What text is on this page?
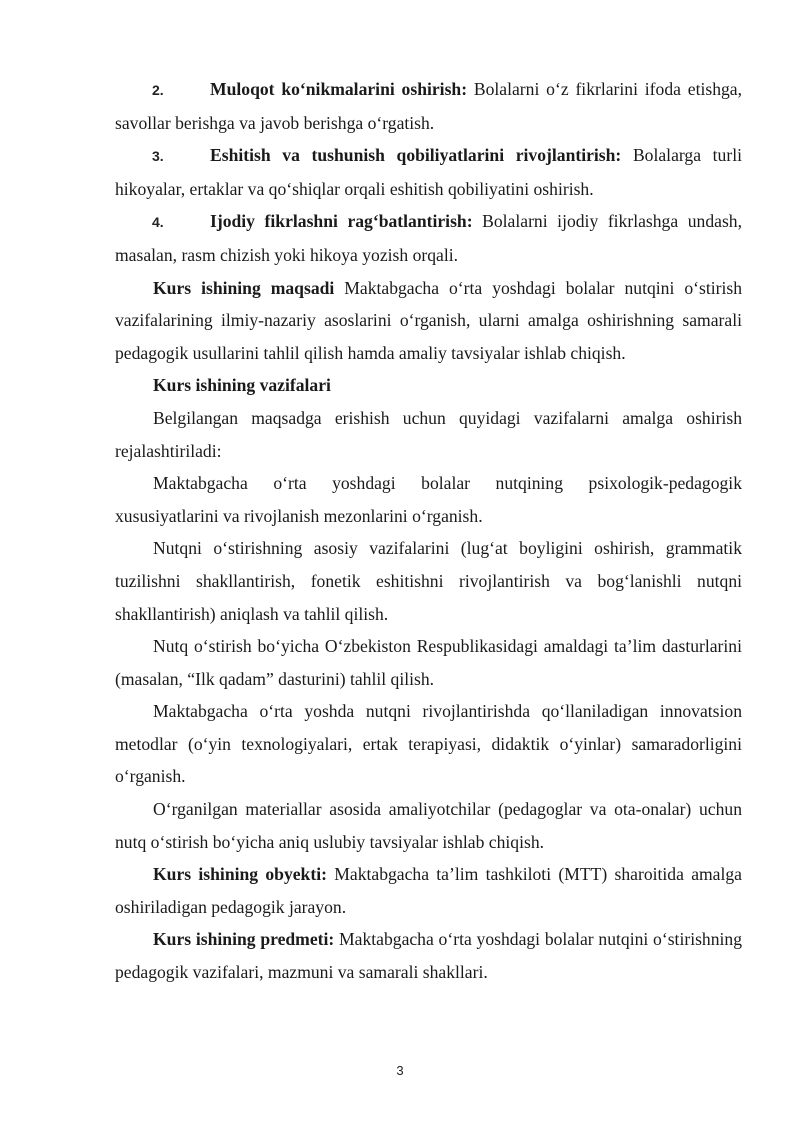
2.	Muloqot ko‘nikmalarini oshirish: Bolalarni o‘z fikrlarini ifoda etishga, savollar berishga va javob berishga o‘rgatish.

3.	Eshitish va tushunish qobiliyatlarini rivojlantirish: Bolalarga turli hikoyalar, ertaklar va qo‘shiqlar orqali eshitish qobiliyatini oshirish.

4.	Ijodiy fikrlashni rag‘batlantirish: Bolalarni ijodiy fikrlashga undash, masalan, rasm chizish yoki hikoya yozish orqali.

Kurs ishining maqsadi Maktabgacha o‘rta yoshdagi bolalar nutqini o‘stirish vazifalarining ilmiy-nazariy asoslarini o‘rganish, ularni amalga oshirishning samarali pedagogik usullarini tahlil qilish hamda amaliy tavsiyalar ishlab chiqish.

Kurs ishining vazifalari

Belgilangan maqsadga erishish uchun quyidagi vazifalarni amalga oshirish rejalashtiriladi:

Maktabgacha o‘rta yoshdagi bolalar nutqining psixologik-pedagogik xususiyatlarini va rivojlanish mezonlarini o‘rganish.

Nutqni o‘stirishning asosiy vazifalarini (lug‘at boyligini oshirish, grammatik tuzilishni shakllantirish, fonetik eshitishni rivojlantirish va bog‘lanishli nutqni shakllantirish) aniqlash va tahlil qilish.

Nutq o‘stirish bo‘yicha O‘zbekiston Respublikasidagi amaldagi ta’lim dasturlarini (masalan, “Ilk qadam” dasturini) tahlil qilish.

Maktabgacha o‘rta yoshda nutqni rivojlantirishda qo‘llaniladigan innovatsion metodlar (o‘yin texnologiyalari, ertak terapiyasi, didaktik o‘yinlar) samaradorligini o‘rganish.

O‘rganilgan materiallar asosida amaliyotchilar (pedagoglar va ota-onalar) uchun nutq o‘stirish bo‘yicha aniq uslubiy tavsiyalar ishlab chiqish.

Kurs ishining obyekti: Maktabgacha ta’lim tashkiloti (MTT) sharoitida amalga oshiriladigan pedagogik jarayon.

Kurs ishining predmeti: Maktabgacha o‘rta yoshdagi bolalar nutqini o‘stirishning pedagogik vazifalari, mazmuni va samarali shakllari.

3
